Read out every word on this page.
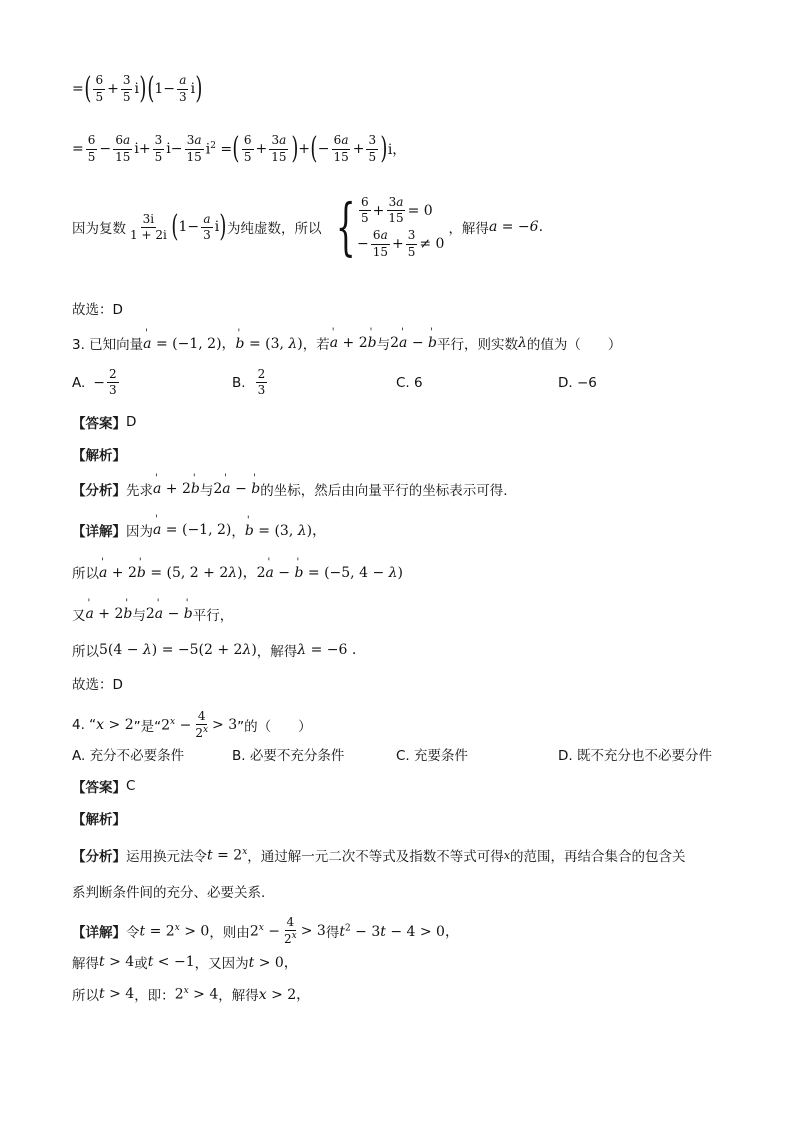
= ( $\frac{6}{5} + \frac{3}{5}$ i ) ( $1- \frac{a}{3}$ i )
= $\frac{6}{5} - \frac{6a}{15} i+ \frac{3}{5} i- \frac{3a}{15} i^2$ = ( $\frac{6}{5} + \frac{3a}{15}$ ) + ( − $\frac{6a}{15} + \frac{3}{5}$ ) i，
因为复数 $\frac{3i}{1 + 2i}$ ( $1- \frac{a}{3}$ i ) 为纯虚数，所以 { $\frac{6}{5} + \frac{3a}{15} = 0$
− $\frac{6a}{15} + \frac{3}{5} \ne 0$
，解得 a = −6 .
故选：D
3. 已知向量 ' a = (−1, 2)，' b = (3, λ) ，若 ' a + 2' b 与 2' a − ' b 平行，则实数 λ 的值为（　　）
A. − $\frac{2}{3}$	B. $\frac{2}{3}$	C. 6	D. −6
【答案】 D
【解析】
【分析】 先求 ' a + 2' b 与 2' a − ' b 的坐标，然后由向量平行的坐标表示可得.
【详解】 因为 ' a = (−1, 2) ， ' b = (3, λ)，
所以 ' a + 2' b = (5, 2 + 2λ)，2' a − ' b = (−5, 4 − λ)
又 ' a + 2' b 与 2' a − ' b 平行，
所以 5(4 − λ) = −5(2 + 2λ) ，解得 λ = −6 .
故选：D
4. “ x > 2 ”是“ $2^x - \frac{4}{2^x} > 3$ ”的（　　）
A. 充分不必要条件	B. 必要不充分条件	C. 充要条件	D. 既不充分也不必要分件
【答案】 C
【解析】
【分析】 运用换元法令 $t = 2^x$ ，通过解一元二次不等式及指数不等式可得 x 的范围，再结合集合的包含关
系判断条件间的充分、必要关系.
【详解】 令 $t = 2^x > 0$ ，则由 $2^x - \frac{4}{2^x} > 3$ 得 $t^2 - 3t - 4 > 0$，
解得 t > 4 或 t < −1 ，又因为 t > 0，
所以 t > 4 ，即： $2^x > 4$ ，解得 x > 2，
